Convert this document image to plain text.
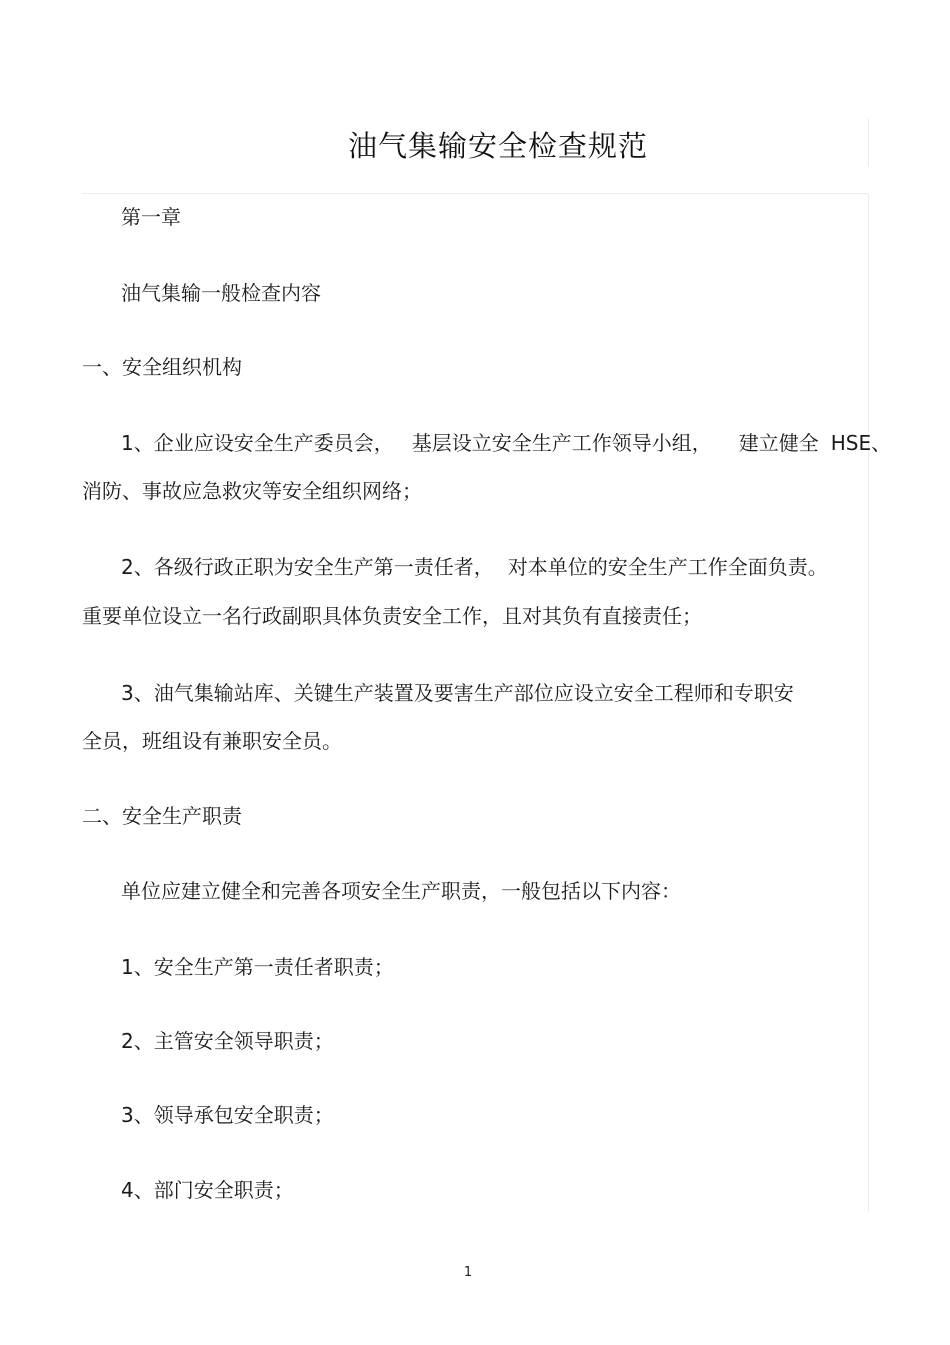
油气集输安全检查规范
第一章
油气集输一般检查内容
一、安全组织机构
1、企业应设安全生产委员会， 基层设立安全生产工作领导小组， 建立健全 HSE、
消防、事故应急救灾等安全组织网络；
2、各级行政正职为安全生产第一责任者， 对本单位的安全生产工作全面负责。
重要单位设立一名行政副职具体负责安全工作，且对其负有直接责任；
3、油气集输站库、关键生产装置及要害生产部位应设立安全工程师和专职安
全员，班组设有兼职安全员。
二、安全生产职责
单位应建立健全和完善各项安全生产职责，一般包括以下内容：
1、安全生产第一责任者职责；
2、主管安全领导职责；
3、领导承包安全职责；
4、部门安全职责；
1
